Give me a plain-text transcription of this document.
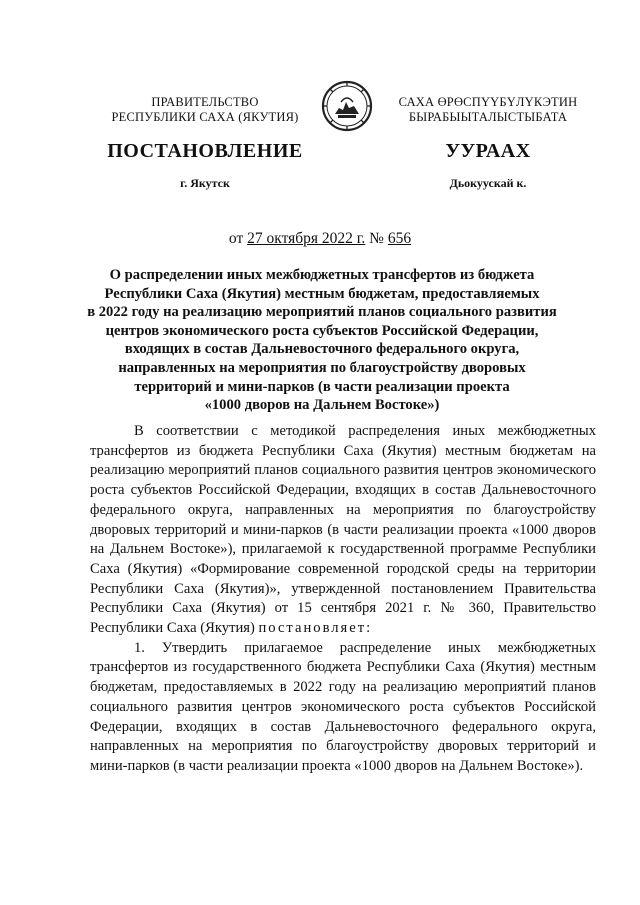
ПРАВИТЕЛЬСТВО
РЕСПУБЛИКИ САХА (ЯКУТИЯ)
САХА ӨРӨСПҮҮБҮЛҮКЭТИН
БЫРАБЫЫТАЛЫСТЫБАТА
ПОСТАНОВЛЕНИЕ	УУРААХ
г. Якутск	Дьокуускай к.
от 27 октября 2022 г. № 656
О распределении иных межбюджетных трансфертов из бюджета
Республики Саха (Якутия) местным бюджетам, предоставляемых
в 2022 году на реализацию мероприятий планов социального развития
центров экономического роста субъектов Российской Федерации,
входящих в состав Дальневосточного федерального округа,
направленных на мероприятия по благоустройству дворовых
территорий и мини-парков (в части реализации проекта
«1000 дворов на Дальнем Востоке»)

В соответствии с методикой распределения иных межбюджетных трансфертов из бюджета Республики Саха (Якутия) местным бюджетам на реализацию мероприятий планов социального развития центров экономического роста субъектов Российской Федерации, входящих в состав Дальневосточного федерального округа, направленных на мероприятия по благоустройству дворовых территорий и мини-парков (в части реализации проекта «1000 дворов на Дальнем Востоке»), прилагаемой к государственной программе Республики Саха (Якутия) «Формирование современной городской среды на территории Республики Саха (Якутия)», утвержденной постановлением Правительства Республики Саха (Якутия) от 15 сентября 2021 г. № 360, Правительство Республики Саха (Якутия) постановляет:

1. Утвердить прилагаемое распределение иных межбюджетных трансфертов из государственного бюджета Республики Саха (Якутия) местным бюджетам, предоставляемых в 2022 году на реализацию мероприятий планов социального развития центров экономического роста субъектов Российской Федерации, входящих в состав Дальневосточного федерального округа, направленных на мероприятия по благоустройству дворовых территорий и мини-парков (в части реализации проекта «1000 дворов на Дальнем Востоке»).
